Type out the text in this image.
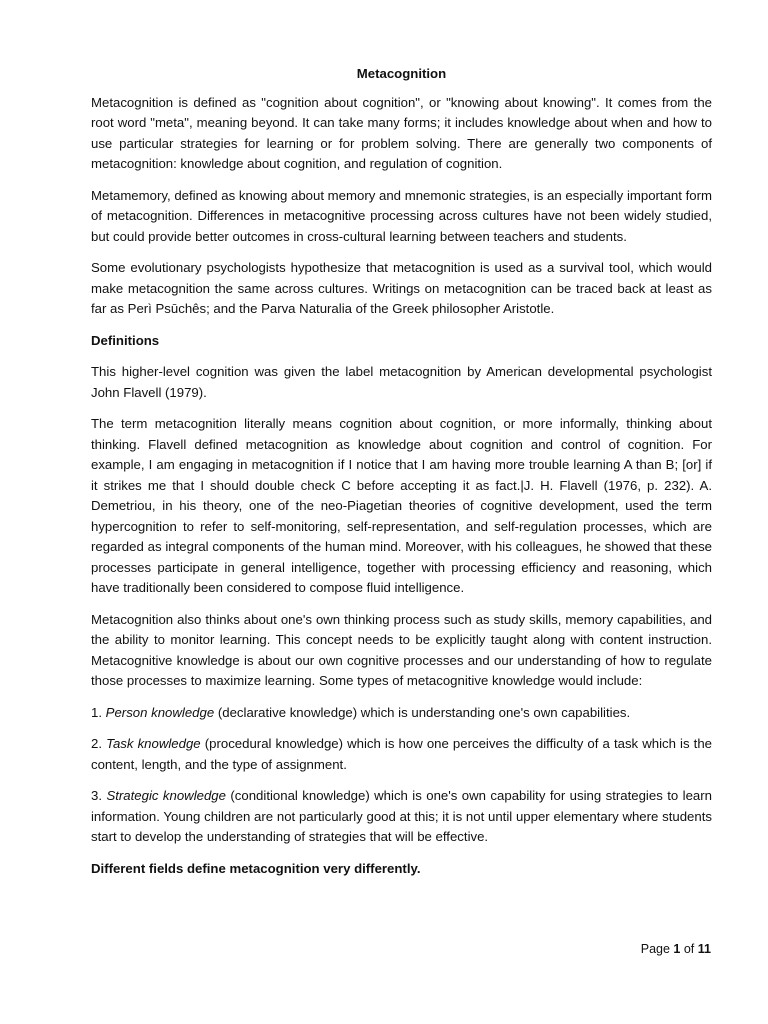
Metacognition

Metacognition is defined as "cognition about cognition", or "knowing about knowing". It comes from the root word "meta", meaning beyond. It can take many forms; it includes knowledge about when and how to use particular strategies for learning or for problem solving. There are generally two components of metacognition: knowledge about cognition, and regulation of cognition.

Metamemory, defined as knowing about memory and mnemonic strategies, is an especially important form of metacognition. Differences in metacognitive processing across cultures have not been widely studied, but could provide better outcomes in cross-cultural learning between teachers and students.

Some evolutionary psychologists hypothesize that metacognition is used as a survival tool, which would make metacognition the same across cultures. Writings on metacognition can be traced back at least as far as Perì Psūchês; and the Parva Naturalia of the Greek philosopher Aristotle.

Definitions

This higher-level cognition was given the label metacognition by American developmental psychologist John Flavell (1979).

The term metacognition literally means cognition about cognition, or more informally, thinking about thinking. Flavell defined metacognition as knowledge about cognition and control of cognition. For example, I am engaging in metacognition if I notice that I am having more trouble learning A than B; [or] if it strikes me that I should double check C before accepting it as fact.|J. H. Flavell (1976, p. 232). A. Demetriou, in his theory, one of the neo-Piagetian theories of cognitive development, used the term hypercognition to refer to self-monitoring, self-representation, and self-regulation processes, which are regarded as integral components of the human mind. Moreover, with his colleagues, he showed that these processes participate in general intelligence, together with processing efficiency and reasoning, which have traditionally been considered to compose fluid intelligence.

Metacognition also thinks about one's own thinking process such as study skills, memory capabilities, and the ability to monitor learning. This concept needs to be explicitly taught along with content instruction. Metacognitive knowledge is about our own cognitive processes and our understanding of how to regulate those processes to maximize learning. Some types of metacognitive knowledge would include:

1. Person knowledge (declarative knowledge) which is understanding one's own capabilities.

2. Task knowledge (procedural knowledge) which is how one perceives the difficulty of a task which is the content, length, and the type of assignment.

3. Strategic knowledge (conditional knowledge) which is one's own capability for using strategies to learn information. Young children are not particularly good at this; it is not until upper elementary where students start to develop the understanding of strategies that will be effective.

Different fields define metacognition very differently.
Page 1 of 11
